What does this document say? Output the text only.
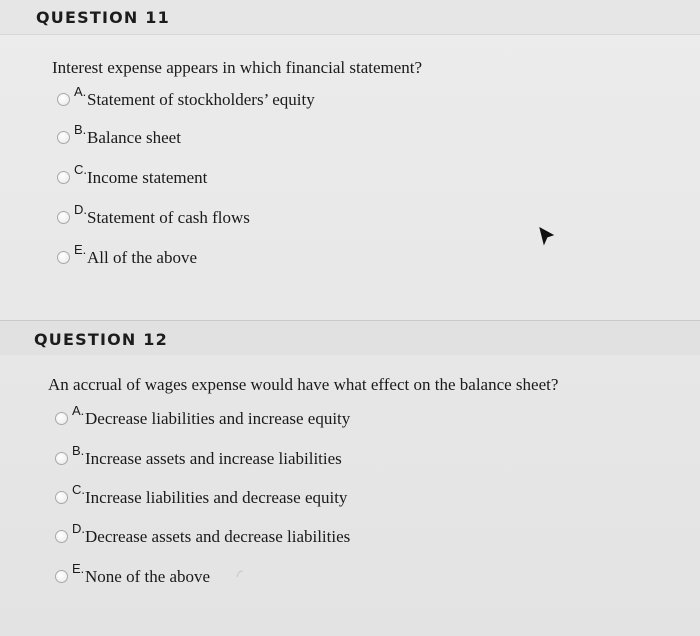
QUESTION 11
Interest expense appears in which financial statement?
A. Statement of stockholders’ equity
B. Balance sheet
C. Income statement
D. Statement of cash flows
E. All of the above
QUESTION 12
An accrual of wages expense would have what effect on the balance sheet?
A. Decrease liabilities and increase equity
B. Increase assets and increase liabilities
C. Increase liabilities and decrease equity
D. Decrease assets and decrease liabilities
E. None of the above
